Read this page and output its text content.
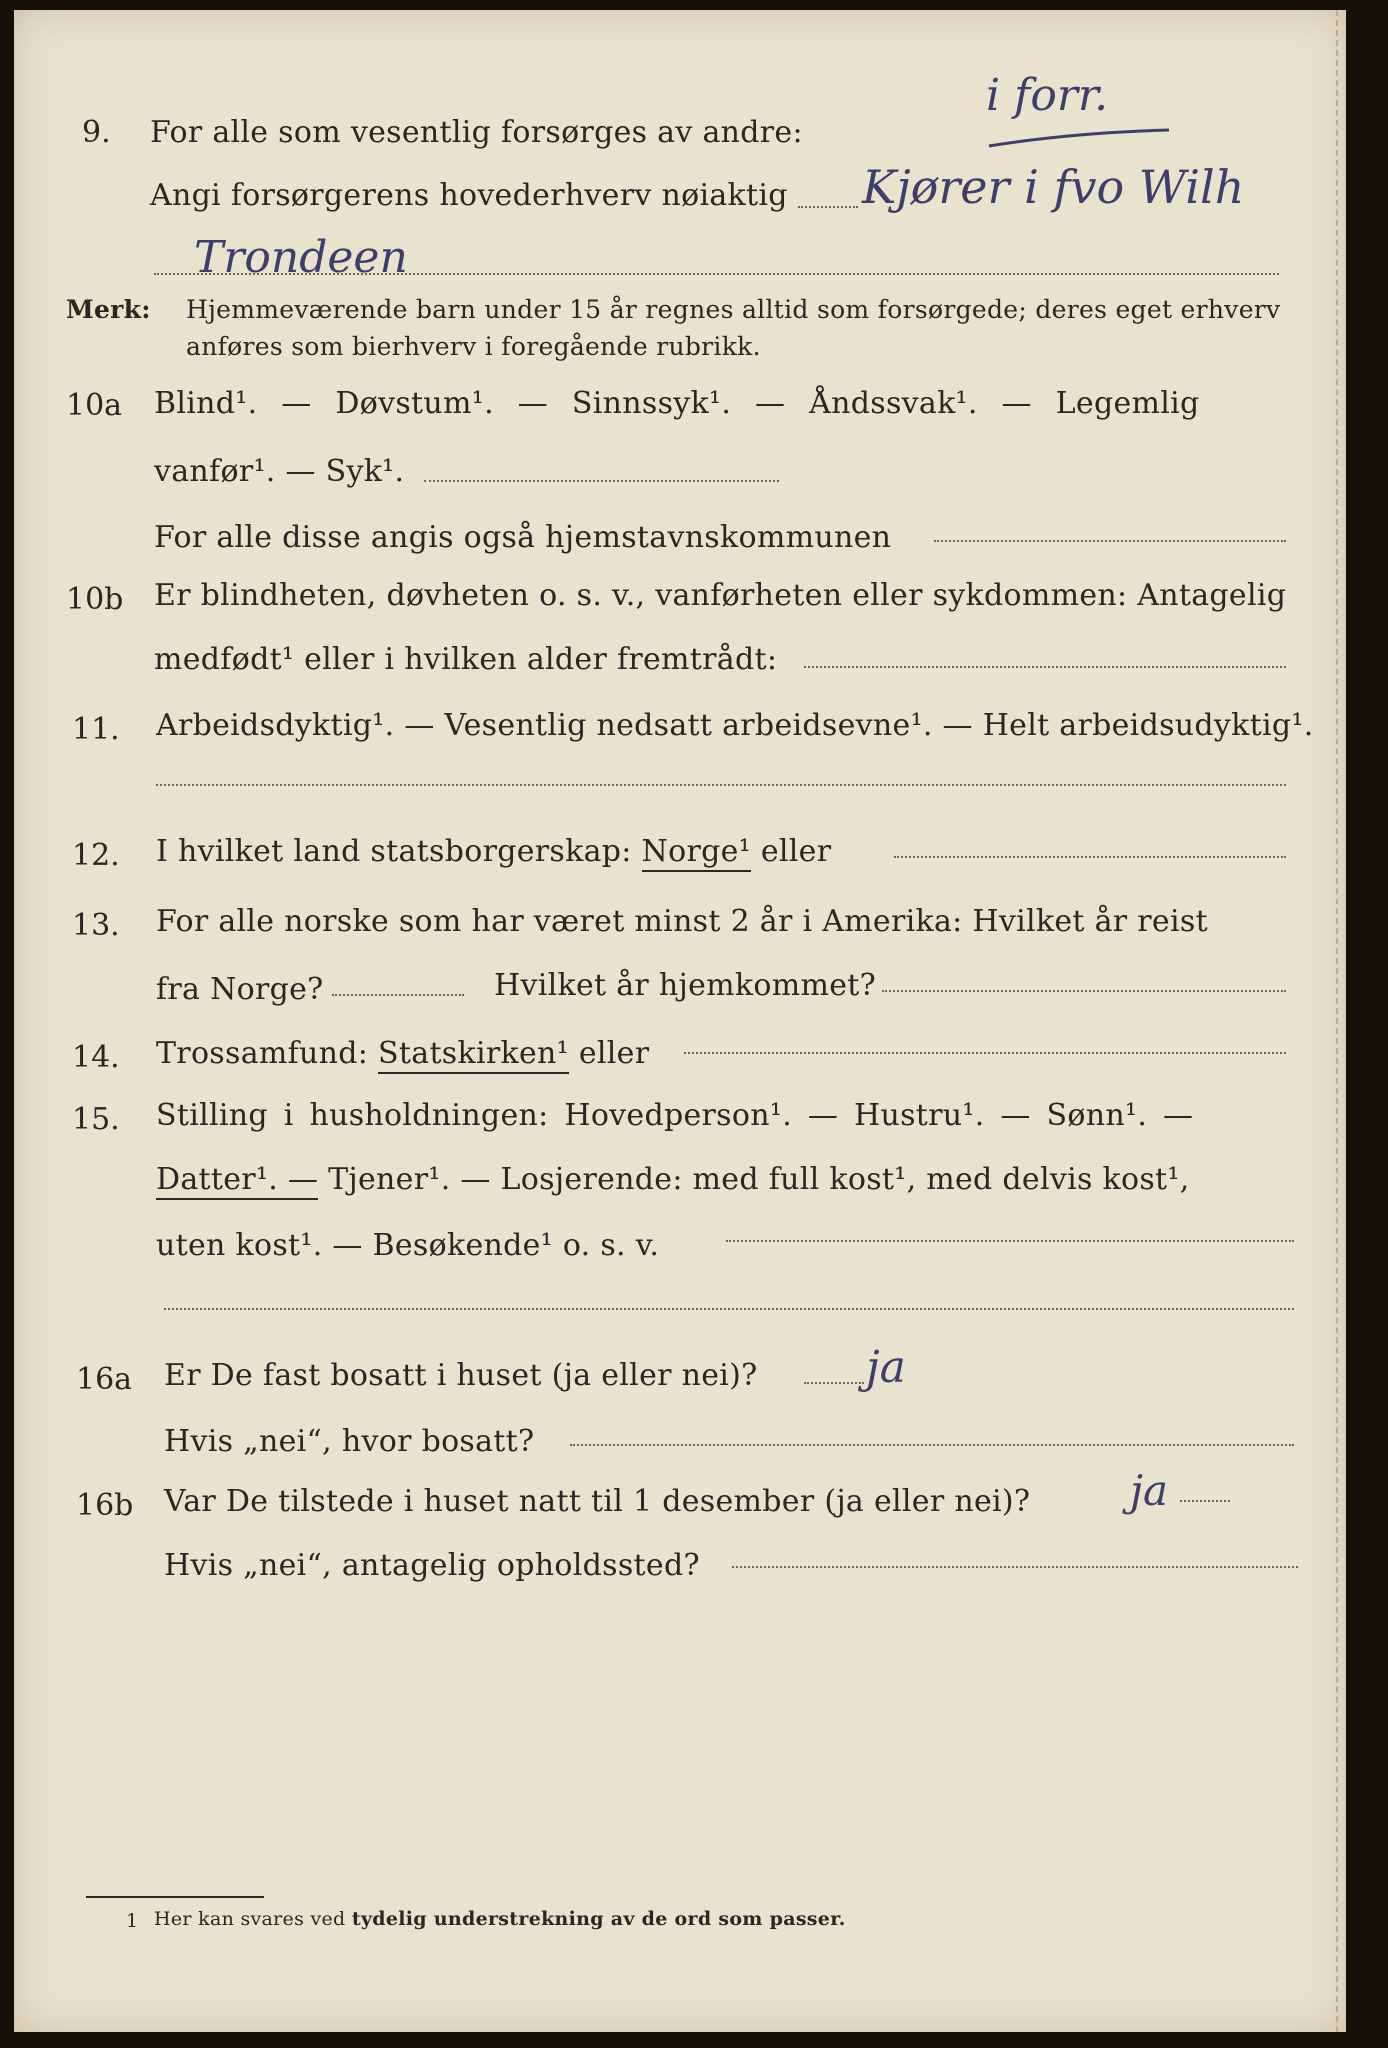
9. For alle som vesentlig forsørges av andre:
i forr.
Angi forsørgerens hovederhverv nøiaktig Kjører i fvo Wilh
Trondeen
Merk: Hjemmeværende barn under 15 år regnes alltid som forsørgede; deres eget erhverv
anføres som bierhverv i foregående rubrikk.
10a Blind¹. — Døvstum¹. — Sinnssyk¹. — Åndssvak¹. — Legemlig
vanfør¹. — Syk¹.
For alle disse angis også hjemstavnskommunen
10b Er blindheten, døvheten o. s. v., vanførheten eller sykdommen: Antagelig
medfødt¹ eller i hvilken alder fremtrådt:
11. Arbeidsdyktig¹. — Vesentlig nedsatt arbeidsevne¹. — Helt arbeidsudyktig¹.
12. I hvilket land statsborgerskap: Norge¹ eller
13. For alle norske som har været minst 2 år i Amerika: Hvilket år reist
fra Norge?	Hvilket år hjemkommet?
14. Trossamfund: Statskirken¹ eller
15. Stilling i husholdningen: Hovedperson¹. — Hustru¹. — Sønn¹. —
Datter¹. — Tjener¹. — Losjerende: med full kost¹, med delvis kost¹,
uten kost¹. — Besøkende¹ o. s. v.
16a Er De fast bosatt i huset (ja eller nei)? ja
Hvis „nei“, hvor bosatt?
16b Var De tilstede i huset natt til 1 desember (ja eller nei)? ja
Hvis „nei“, antagelig opholdssted?
1 Her kan svares ved tydelig understrekning av de ord som passer.
